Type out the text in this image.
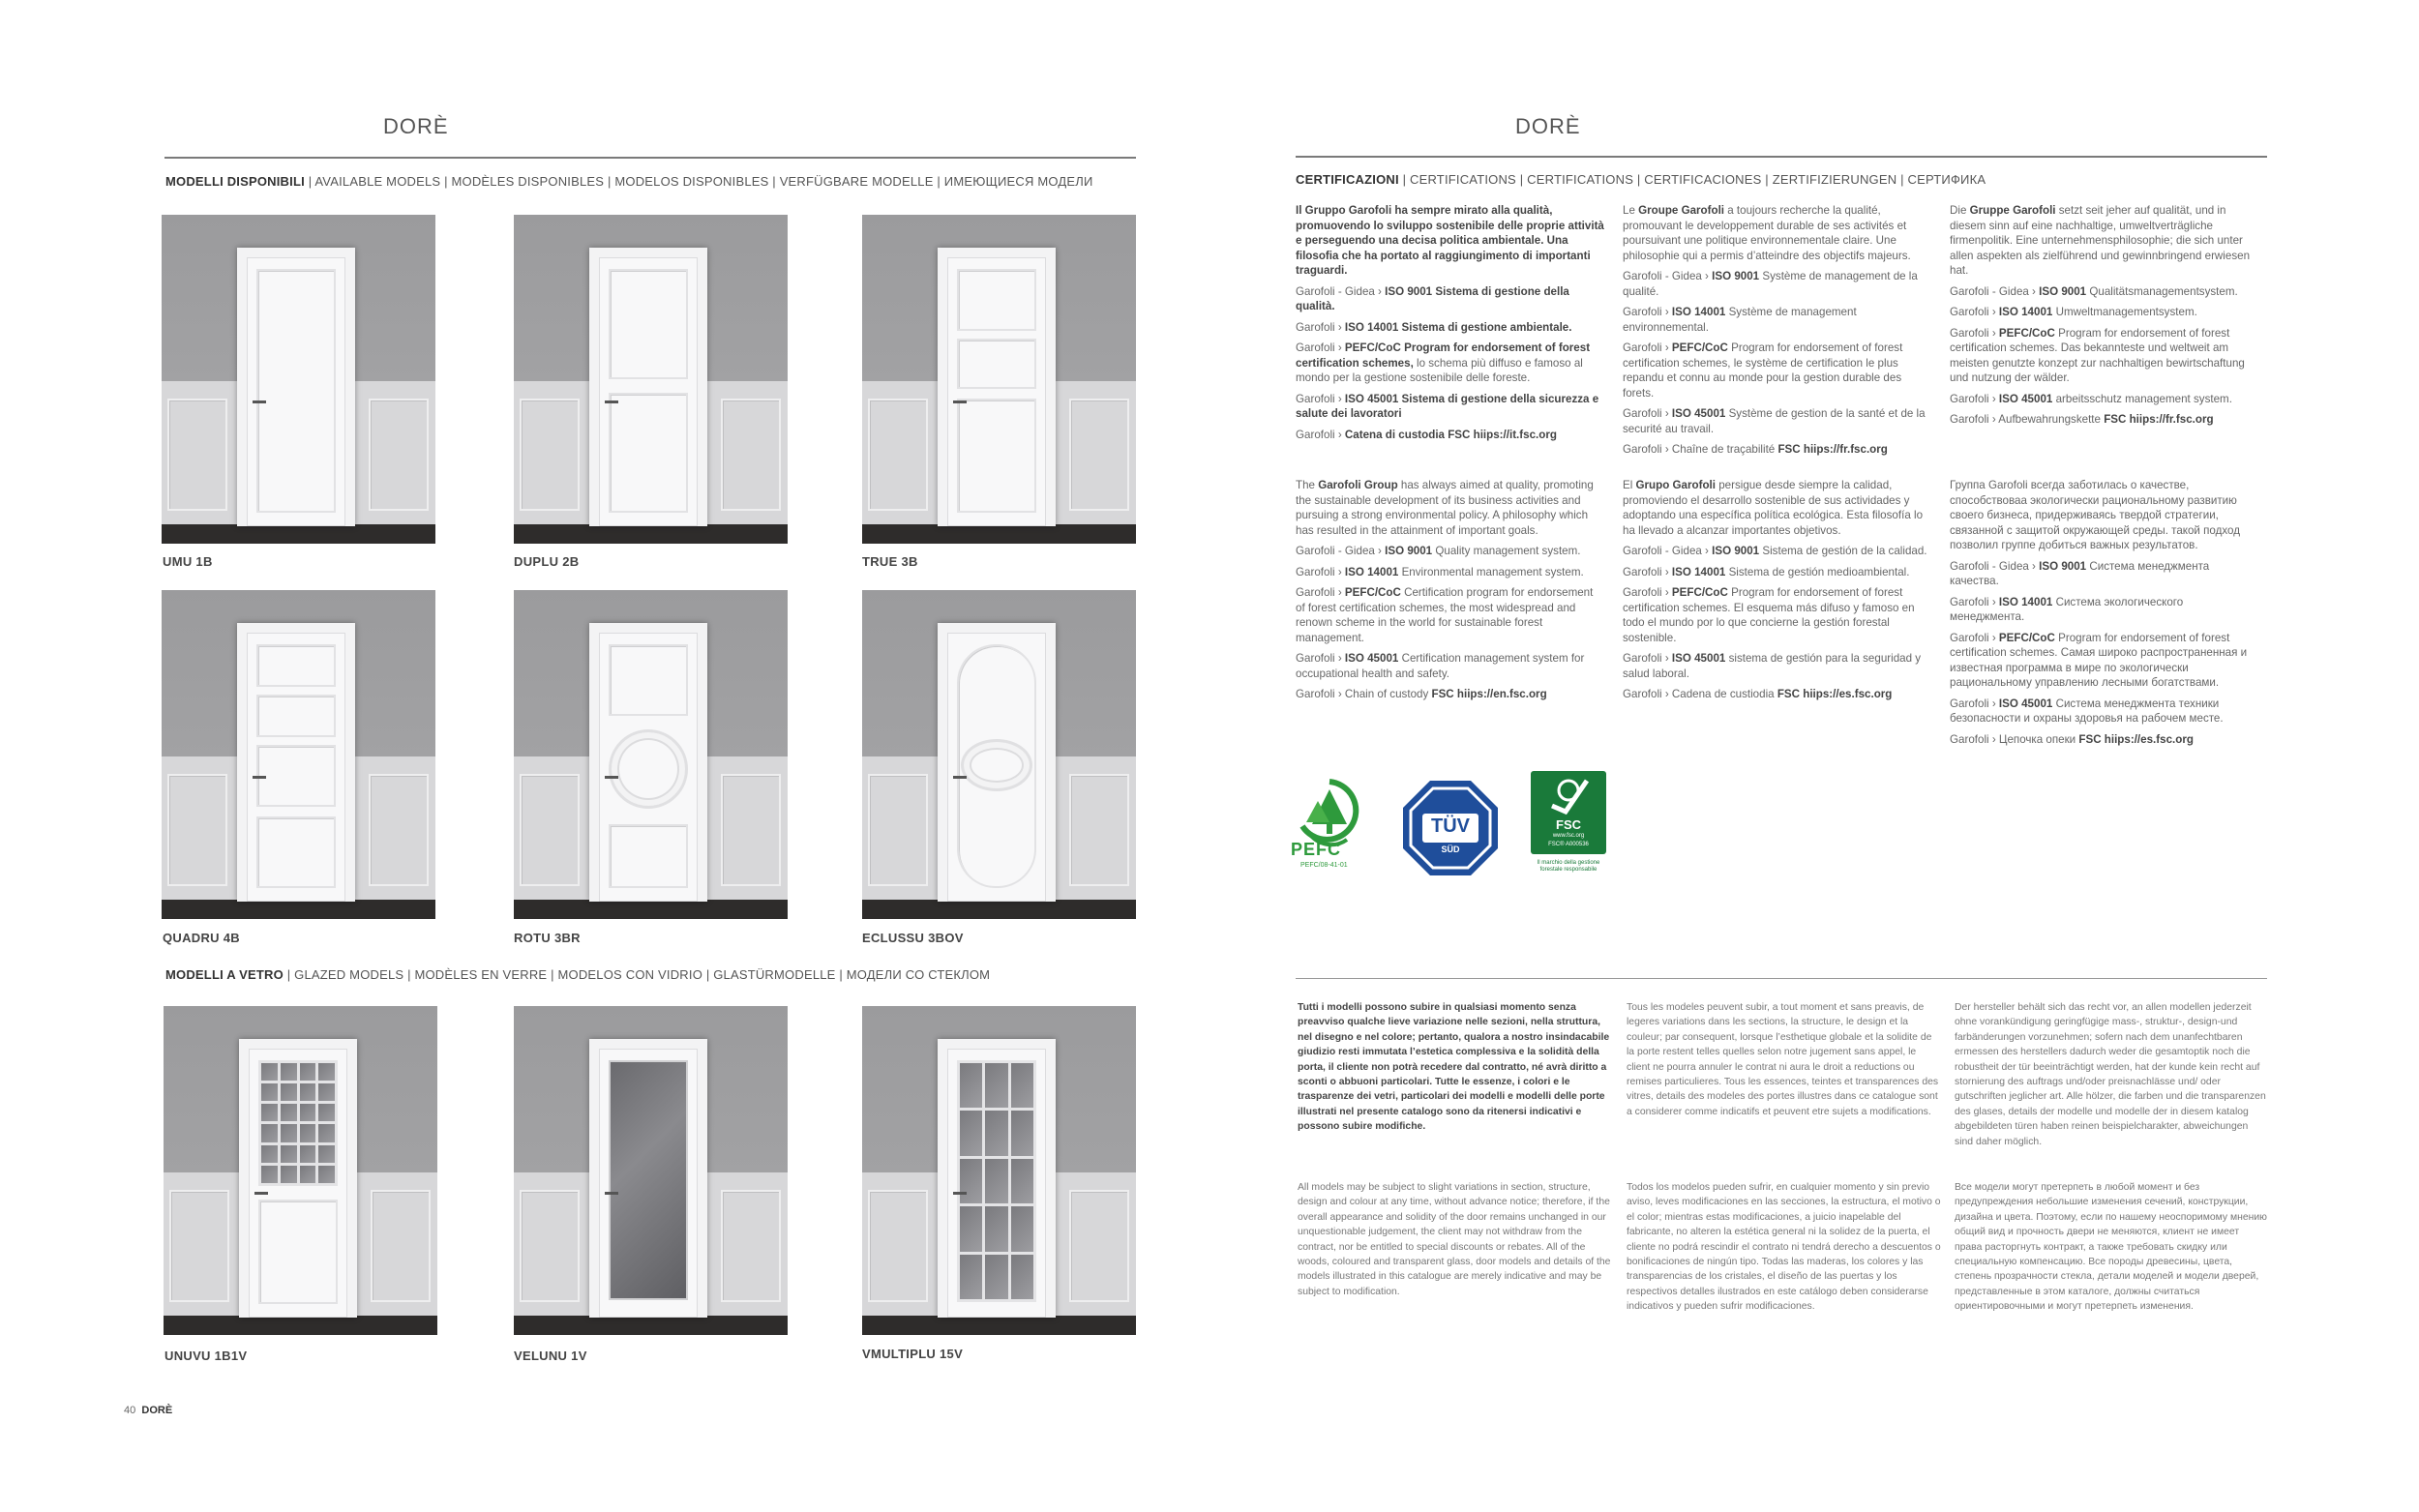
DORÈ
MODELLI DISPONIBILI | AVAILABLE MODELS | MODÈLES DISPONIBLES | MODELOS DISPONIBLES | VERFÜGBARE MODELLE | ИМЕЮЩИЕСЯ МОДЕЛИ
UMU 1B	DUPLU 2B	TRUE 3B
QUADRU 4B	ROTU 3BR	ECLUSSU 3BOV
MODELLI A VETRO | GLAZED MODELS | MODÈLES EN VERRE | MODELOS CON VIDRIO | GLASTÜRMODELLE | МОДЕЛИ СО СТЕКЛОМ
UNUVU 1B1V	VELUNU 1V	VMULTIPLU 15V
40 DORÈ
DORÈ
CERTIFICAZIONI | CERTIFICATIONS | CERTIFICATIONS | CERTIFICACIONES | ZERTIFIZIERUNGEN | СЕРТИФИКА

Il Gruppo Garofoli ha sempre mirato alla qualità, promuovendo lo sviluppo sostenibile delle proprie attività e perseguendo una decisa politica ambientale. Una filosofia che ha portato al raggiungimento di importanti traguardi.

Garofoli - Gidea › ISO 9001 Sistema di gestione della qualità.

Garofoli › ISO 14001 Sistema di gestione ambientale.

Garofoli › PEFC/CoC Program for endorsement of forest certification schemes, lo schema più diffuso e famoso al mondo per la gestione sostenibile delle foreste.

Garofoli › ISO 45001 Sistema di gestione della sicurezza e salute dei lavoratori

Garofoli › Catena di custodia FSC hiips://it.fsc.org

Le Groupe Garofoli a toujours recherche la qualité, promouvant le developpement durable de ses activités et poursuivant une politique environnementale claire. Une philosophie qui a permis d’atteindre des objectifs majeurs.

Garofoli - Gidea › ISO 9001 Système de management de la qualité.

Garofoli › ISO 14001 Système de management environnemental.

Garofoli › PEFC/CoC Program for endorsement of forest certification schemes, le système de certification le plus repandu et connu au monde pour la gestion durable des forets.

Garofoli › ISO 45001 Système de gestion de la santé et de la securité au travail.

Garofoli › Chaîne de traçabilité FSC hiips://fr.fsc.org

Die Gruppe Garofoli setzt seit jeher auf qualität, und in diesem sinn auf eine nachhaltige, umweltverträgliche firmenpolitik. Eine unternehmensphilosophie; die sich unter allen aspekten als zielführend und gewinnbringend erwiesen hat.

Garofoli - Gidea › ISO 9001 Qualitätsmanagementsystem.

Garofoli › ISO 14001 Umweltmanagementsystem.

Garofoli › PEFC/CoC Program for endorsement of forest certification schemes. Das bekannteste und weltweit am meisten genutzte konzept zur nachhaltigen bewirtschaftung und nutzung der wälder.

Garofoli › ISO 45001 arbeitsschutz management system.

Garofoli › Aufbewahrungskette FSC hiips://fr.fsc.org

The Garofoli Group has always aimed at quality, promoting the sustainable development of its business activities and pursuing a strong environmental policy. A philosophy which has resulted in the attainment of important goals.

Garofoli - Gidea › ISO 9001 Quality management system.

Garofoli › ISO 14001 Environmental management system.

Garofoli › PEFC/CoC Certification program for endorsement of forest certification schemes, the most widespread and renown scheme in the world for sustainable forest management.

Garofoli › ISO 45001 Certification management system for occupational health and safety.

Garofoli › Chain of custody FSC hiips://en.fsc.org

El Grupo Garofoli persigue desde siempre la calidad, promoviendo el desarrollo sostenible de sus actividades y adoptando una específica política ecológica. Esta filosofía lo ha llevado a alcanzar importantes objetivos.

Garofoli - Gidea › ISO 9001 Sistema de gestión de la calidad.

Garofoli › ISO 14001 Sistema de gestión medioambiental.

Garofoli › PEFC/CoC Program for endorsement of forest certification schemes. El esquema más difuso y famoso en todo el mundo por lo que concierne la gestión forestal sostenible.

Garofoli › ISO 45001 sistema de gestión para la seguridad y salud laboral.

Garofoli › Cadena de custiodia FSC hiips://es.fsc.org

Группа Garofoli всегда заботилась о качестве, способствоваа экологически рациональному развитию своего бизнеса, придерживаясь твердой стратегии, связанной с защитой окружающей среды. такой подход позволил группе добиться важных результатов.

Garofoli - Gidea › ISO 9001 Система менеджмента качества.

Garofoli › ISO 14001 Система экологического менеджмента.

Garofoli › PEFC/CoC Program for endorsement of forest certification schemes. Самая широко распространенная и известная программа в мире по экологически рациональному управлению лесными богатствами.

Garofoli › ISO 45001 Система менеджмента техники безопасности и охраны здоровья на рабочем месте.

Garofoli › Цепочка опеки FSC hiips://es.fsc.org

PEFC
PEFC/08-41-01
TÜV
SÜD
FSC
www.fsc.org
FSC® A000536
Il marchio della gestione forestale responsabile
Tutti i modelli possono subire in qualsiasi momento senza preavviso qualche lieve variazione nelle sezioni, nella struttura, nel disegno e nel colore; pertanto, qualora a nostro insindacabile giudizio resti immutata l’estetica complessiva e la solidità della porta, il cliente non potrà recedere dal contratto, né avrà diritto a sconti o abbuoni particolari. Tutte le essenze, i colori e le trasparenze dei vetri, particolari dei modelli e modelli delle porte illustrati nel presente catalogo sono da ritenersi indicativi e possono subire modifiche.
Tous les modeles peuvent subir, a tout moment et sans preavis, de legeres variations dans les sections, la structure, le design et la couleur; par consequent, lorsque l’esthetique globale et la solidite de la porte restent telles quelles selon notre jugement sans appel, le client ne pourra annuler le contrat ni aura le droit a reductions ou remises particulieres. Tous les essences, teintes et transparences des vitres, details des modeles des portes illustres dans ce catalogue sont a considerer comme indicatifs et peuvent etre sujets a modifications.
Der hersteller behält sich das recht vor, an allen modellen jederzeit ohne vorankündigung geringfügige mass-, struktur-, design-und farbänderungen vorzunehmen; sofern nach dem unanfechtbaren ermessen des herstellers dadurch weder die gesamtoptik noch die robustheit der tür beeinträchtigt werden, hat der kunde kein recht auf stornierung des auftrags und/oder preisnachlässe und/ oder gutschriften jeglicher art. Alle hölzer, die farben und die transparenzen des glases, details der modelle und modelle der in diesem katalog abgebildeten türen haben reinen beispielcharakter, abweichungen sind daher möglich.
All models may be subject to slight variations in section, structure, design and colour at any time, without advance notice; therefore, if the overall appearance and solidity of the door remains unchanged in our unquestionable judgement, the client may not withdraw from the contract, nor be entitled to special discounts or rebates. All of the woods, coloured and transparent glass, door models and details of the models illustrated in this catalogue are merely indicative and may be subject to modification.
Todos los modelos pueden sufrir, en cualquier momento y sin previo aviso, leves modificaciones en las secciones, la estructura, el motivo o el color; mientras estas modificaciones, a juicio inapelable del fabricante, no alteren la estética general ni la solidez de la puerta, el cliente no podrá rescindir el contrato ni tendrá derecho a descuentos o bonificaciones de ningún tipo. Todas las maderas, los colores y las transparencias de los cristales, el diseño de las puertas y los respectivos detalles ilustrados en este catálogo deben considerarse indicativos y pueden sufrir modificaciones.
Все модели могут претерпеть в любой момент и без предупреждения небольшие изменения сечений, конструкции, дизайна и цвета. Поэтому, если по нашему неоспоримому мнению общий вид и прочность двери не меняются, клиент не имеет права расторгнуть контракт, а также требовать скидку или специальную компенсацию. Все породы древесины, цвета, степень прозрачности стекла, детали моделей и модели дверей, представленные в этом каталоге, должны считаться ориентировочными и могут претерпеть изменения.
